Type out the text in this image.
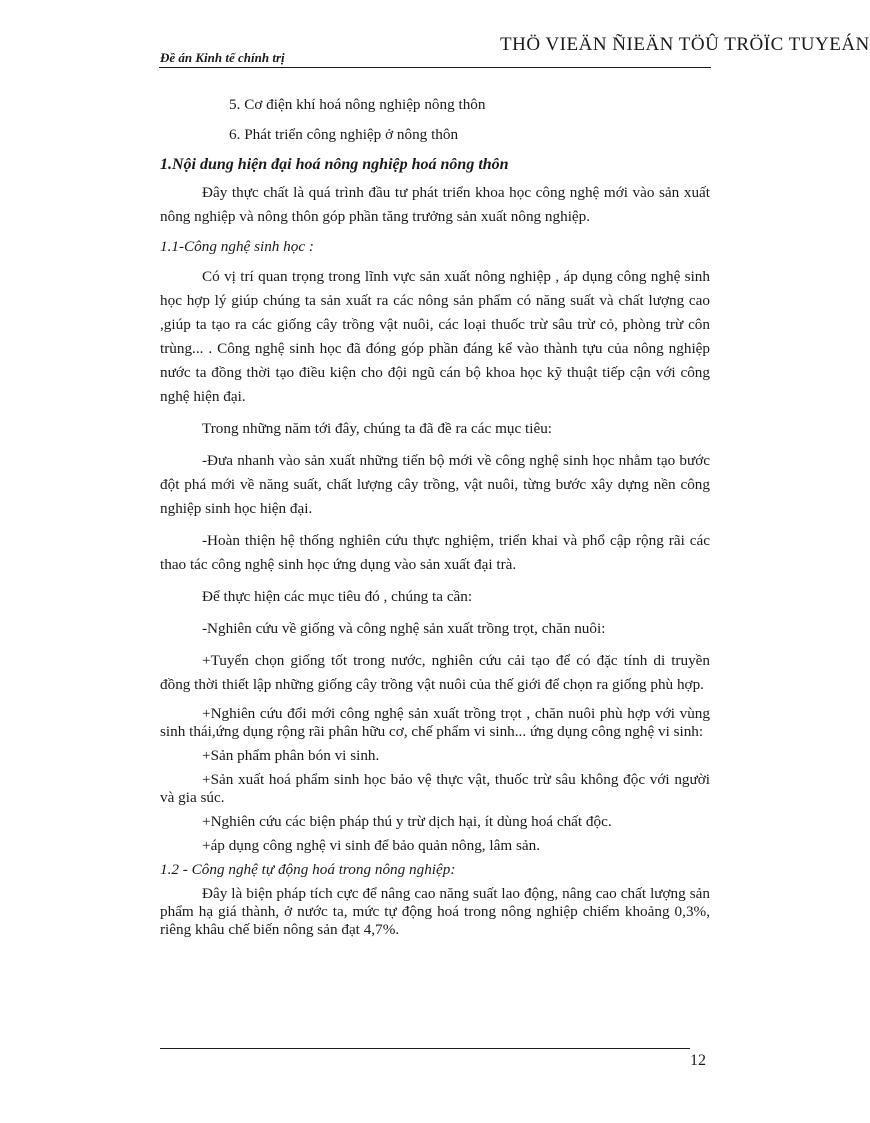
Đề án Kinh tế chính trị
THÖ VIEÄN ÑIEÄN TÖÛ TRÖÏC TUYEÁN

5. Cơ điện khí hoá nông nghiệp nông thôn

6. Phát triển công nghiệp ở nông thôn

1.Nội dung hiện đại hoá nông nghiệp hoá nông thôn

Đây thực chất là quá trình đầu tư phát triển khoa học công nghệ mới vào sản xuất nông nghiệp và nông thôn góp phần tăng trưởng sản xuất nông nghiệp.

1.1-Công nghệ sinh học :

Có vị trí quan trọng trong lĩnh vực sản xuất nông nghiệp , áp dụng công nghệ sinh học hợp lý giúp chúng ta sản xuất ra các nông sản phẩm có năng suất và chất lượng cao ,giúp ta tạo ra các giống cây trồng vật nuôi, các loại thuốc trừ sâu trừ cỏ, phòng trừ côn trùng... . Công nghệ sinh học đã đóng góp phần đáng kể vào thành tựu của nông nghiệp nước ta đồng thời tạo điều kiện cho đội ngũ cán bộ khoa học kỹ thuật tiếp cận với công nghệ hiện đại.

Trong những năm tới đây, chúng ta đã đề ra các mục tiêu:

-Đưa nhanh vào sản xuất những tiến bộ mới về công nghệ sinh học nhằm tạo bước đột phá mới về năng suất, chất lượng cây trồng, vật nuôi, từng bước xây dựng nền công nghiệp sinh học hiện đại.

-Hoàn thiện hệ thống nghiên cứu thực nghiệm, triển khai và phổ cập rộng rãi các thao tác công nghệ sinh học ứng dụng vào sản xuất đại trà.

Để thực hiện các mục tiêu đó , chúng ta cần:

-Nghiên cứu về giống và công nghệ sản xuất trồng trọt, chăn nuôi:

+Tuyển chọn giống tốt trong nước, nghiên cứu cải tạo để có đặc tính di truyền đồng thời thiết lập những giống cây trồng vật nuôi của thế giới để chọn ra giống phù hợp.

+Nghiên cứu đổi mới công nghệ sản xuất trồng trọt , chăn nuôi phù hợp với vùng sinh thái,ứng dụng rộng rãi phân hữu cơ, chế phẩm vi sinh... ứng dụng công nghệ vi sinh:

+Sản phẩm phân bón vi sinh.

+Sản xuất hoá phẩm sinh học bảo vệ thực vật, thuốc trừ sâu không độc với người và gia súc.

+Nghiên cứu các biện pháp thú y trừ dịch hại, ít dùng hoá chất độc.

+áp dụng công nghệ vi sinh để bảo quản nông, lâm sản.

1.2 - Công nghệ tự động hoá trong nông nghiệp:

Đây là biện pháp tích cực để nâng cao năng suất lao động, nâng cao chất lượng sản phẩm hạ giá thành, ở nước ta, mức tự động hoá trong nông nghiệp chiếm khoảng 0,3%, riêng khâu chế biến nông sản đạt 4,7%.

12
